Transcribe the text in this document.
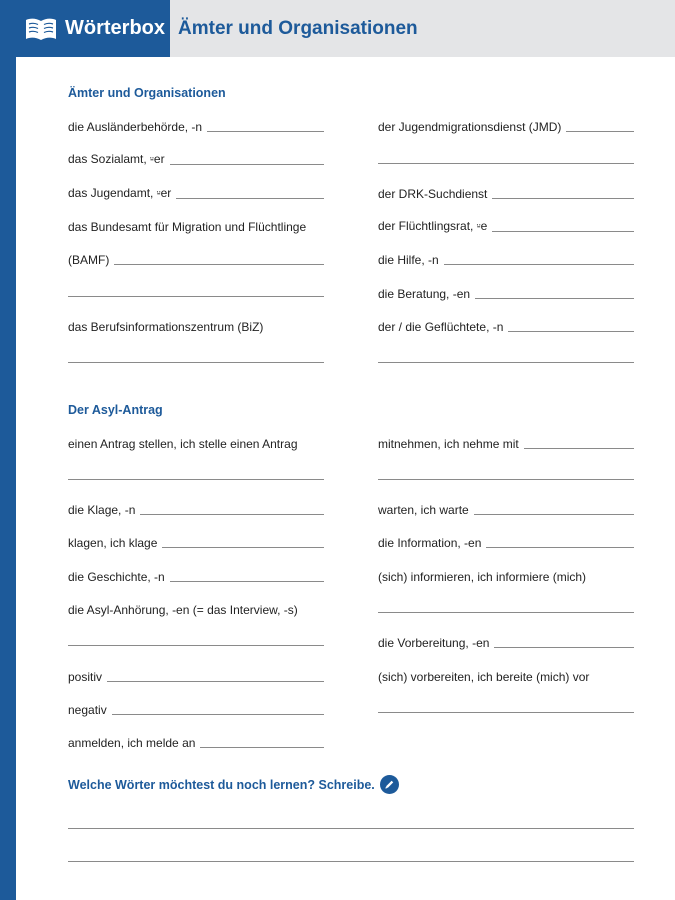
Wörterbox Ämter und Organisationen
Ämter und Organisationen
die Ausländerbehörde, -n
das Sozialamt, ⸚er
das Jugendamt, ⸚er
das Bundesamt für Migration und Flüchtlinge
(BAMF)
das Berufsinformationszentrum (BiZ)
der Jugendmigrationsdienst (JMD)
der DRK-Suchdienst
der Flüchtlingsrat, ⸚e
die Hilfe, -n
die Beratung, -en
der / die Geflüchtete, -n
Der Asyl-Antrag
einen Antrag stellen, ich stelle einen Antrag
die Klage, -n
klagen, ich klage
die Geschichte, -n
die Asyl-Anhörung, -en (= das Interview, -s)
positiv
negativ
anmelden, ich melde an
mitnehmen, ich nehme mit
warten, ich warte
die Information, -en
(sich) informieren, ich informiere (mich)
die Vorbereitung, -en
(sich) vorbereiten, ich bereite (mich) vor
Welche Wörter möchtest du noch lernen? Schreibe.
